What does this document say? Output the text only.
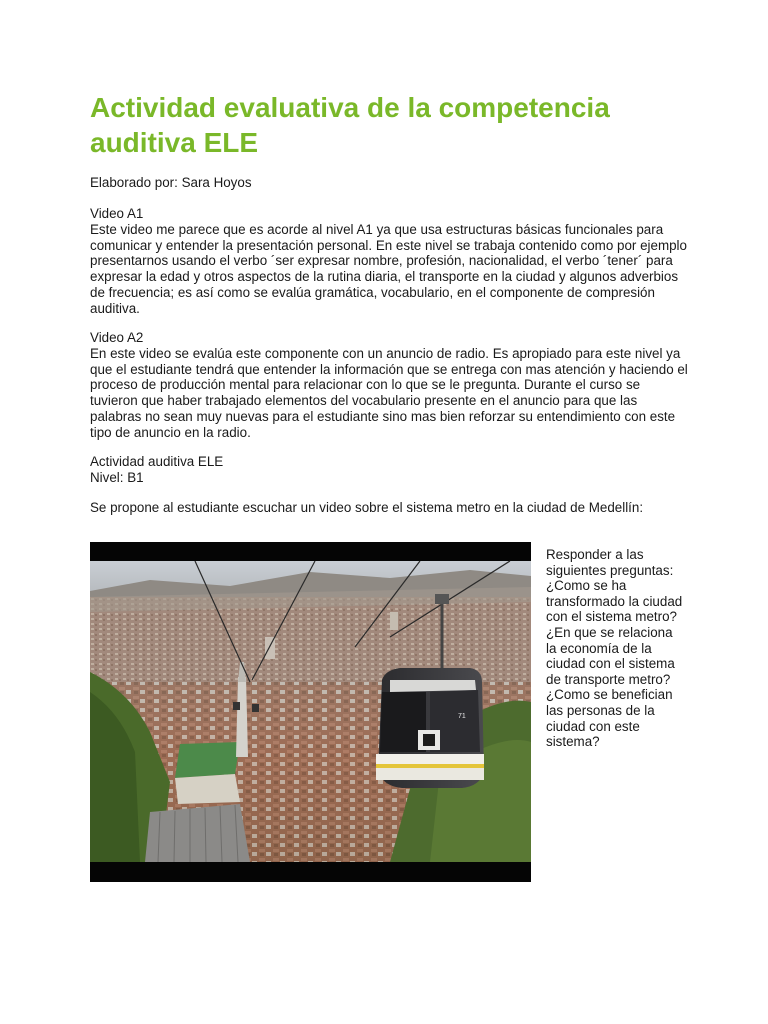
Actividad evaluativa de la competencia auditiva ELE

Elaborado por: Sara Hoyos

Video A1

Este video me parece que es acorde al nivel A1 ya que usa estructuras básicas funcionales para comunicar y entender la presentación personal. En este nivel se trabaja contenido como por ejemplo presentarnos usando el verbo ´ser expresar nombre, profesión, nacionalidad, el verbo ´tener´ para expresar la edad y otros aspectos de la rutina diaria, el transporte en la ciudad y algunos adverbios de frecuencia; es así como se evalúa gramática, vocabulario, en el componente de compresión auditiva.

Video A2

En este video se evalúa este componente con un anuncio de radio. Es apropiado para este nivel ya que el estudiante tendrá que entender la información que se entrega con mas atención y haciendo el proceso de producción mental para relacionar con lo que se le pregunta. Durante el curso se tuvieron que haber trabajado elementos del vocabulario presente en el anuncio para que las palabras no sean muy nuevas para el estudiante sino mas bien reforzar su entendimiento con este tipo de anuncio en la radio.

Actividad auditiva ELE

Nivel: B1

Se propone al estudiante escuchar un video sobre el sistema metro en la ciudad de Medellín:

71

Responder a las siguientes preguntas:

¿Como se ha transformado la ciudad con el sistema metro?

¿En que se relaciona la economía de la ciudad con el sistema de transporte metro?

¿Como se benefician las personas de la ciudad con este sistema?
